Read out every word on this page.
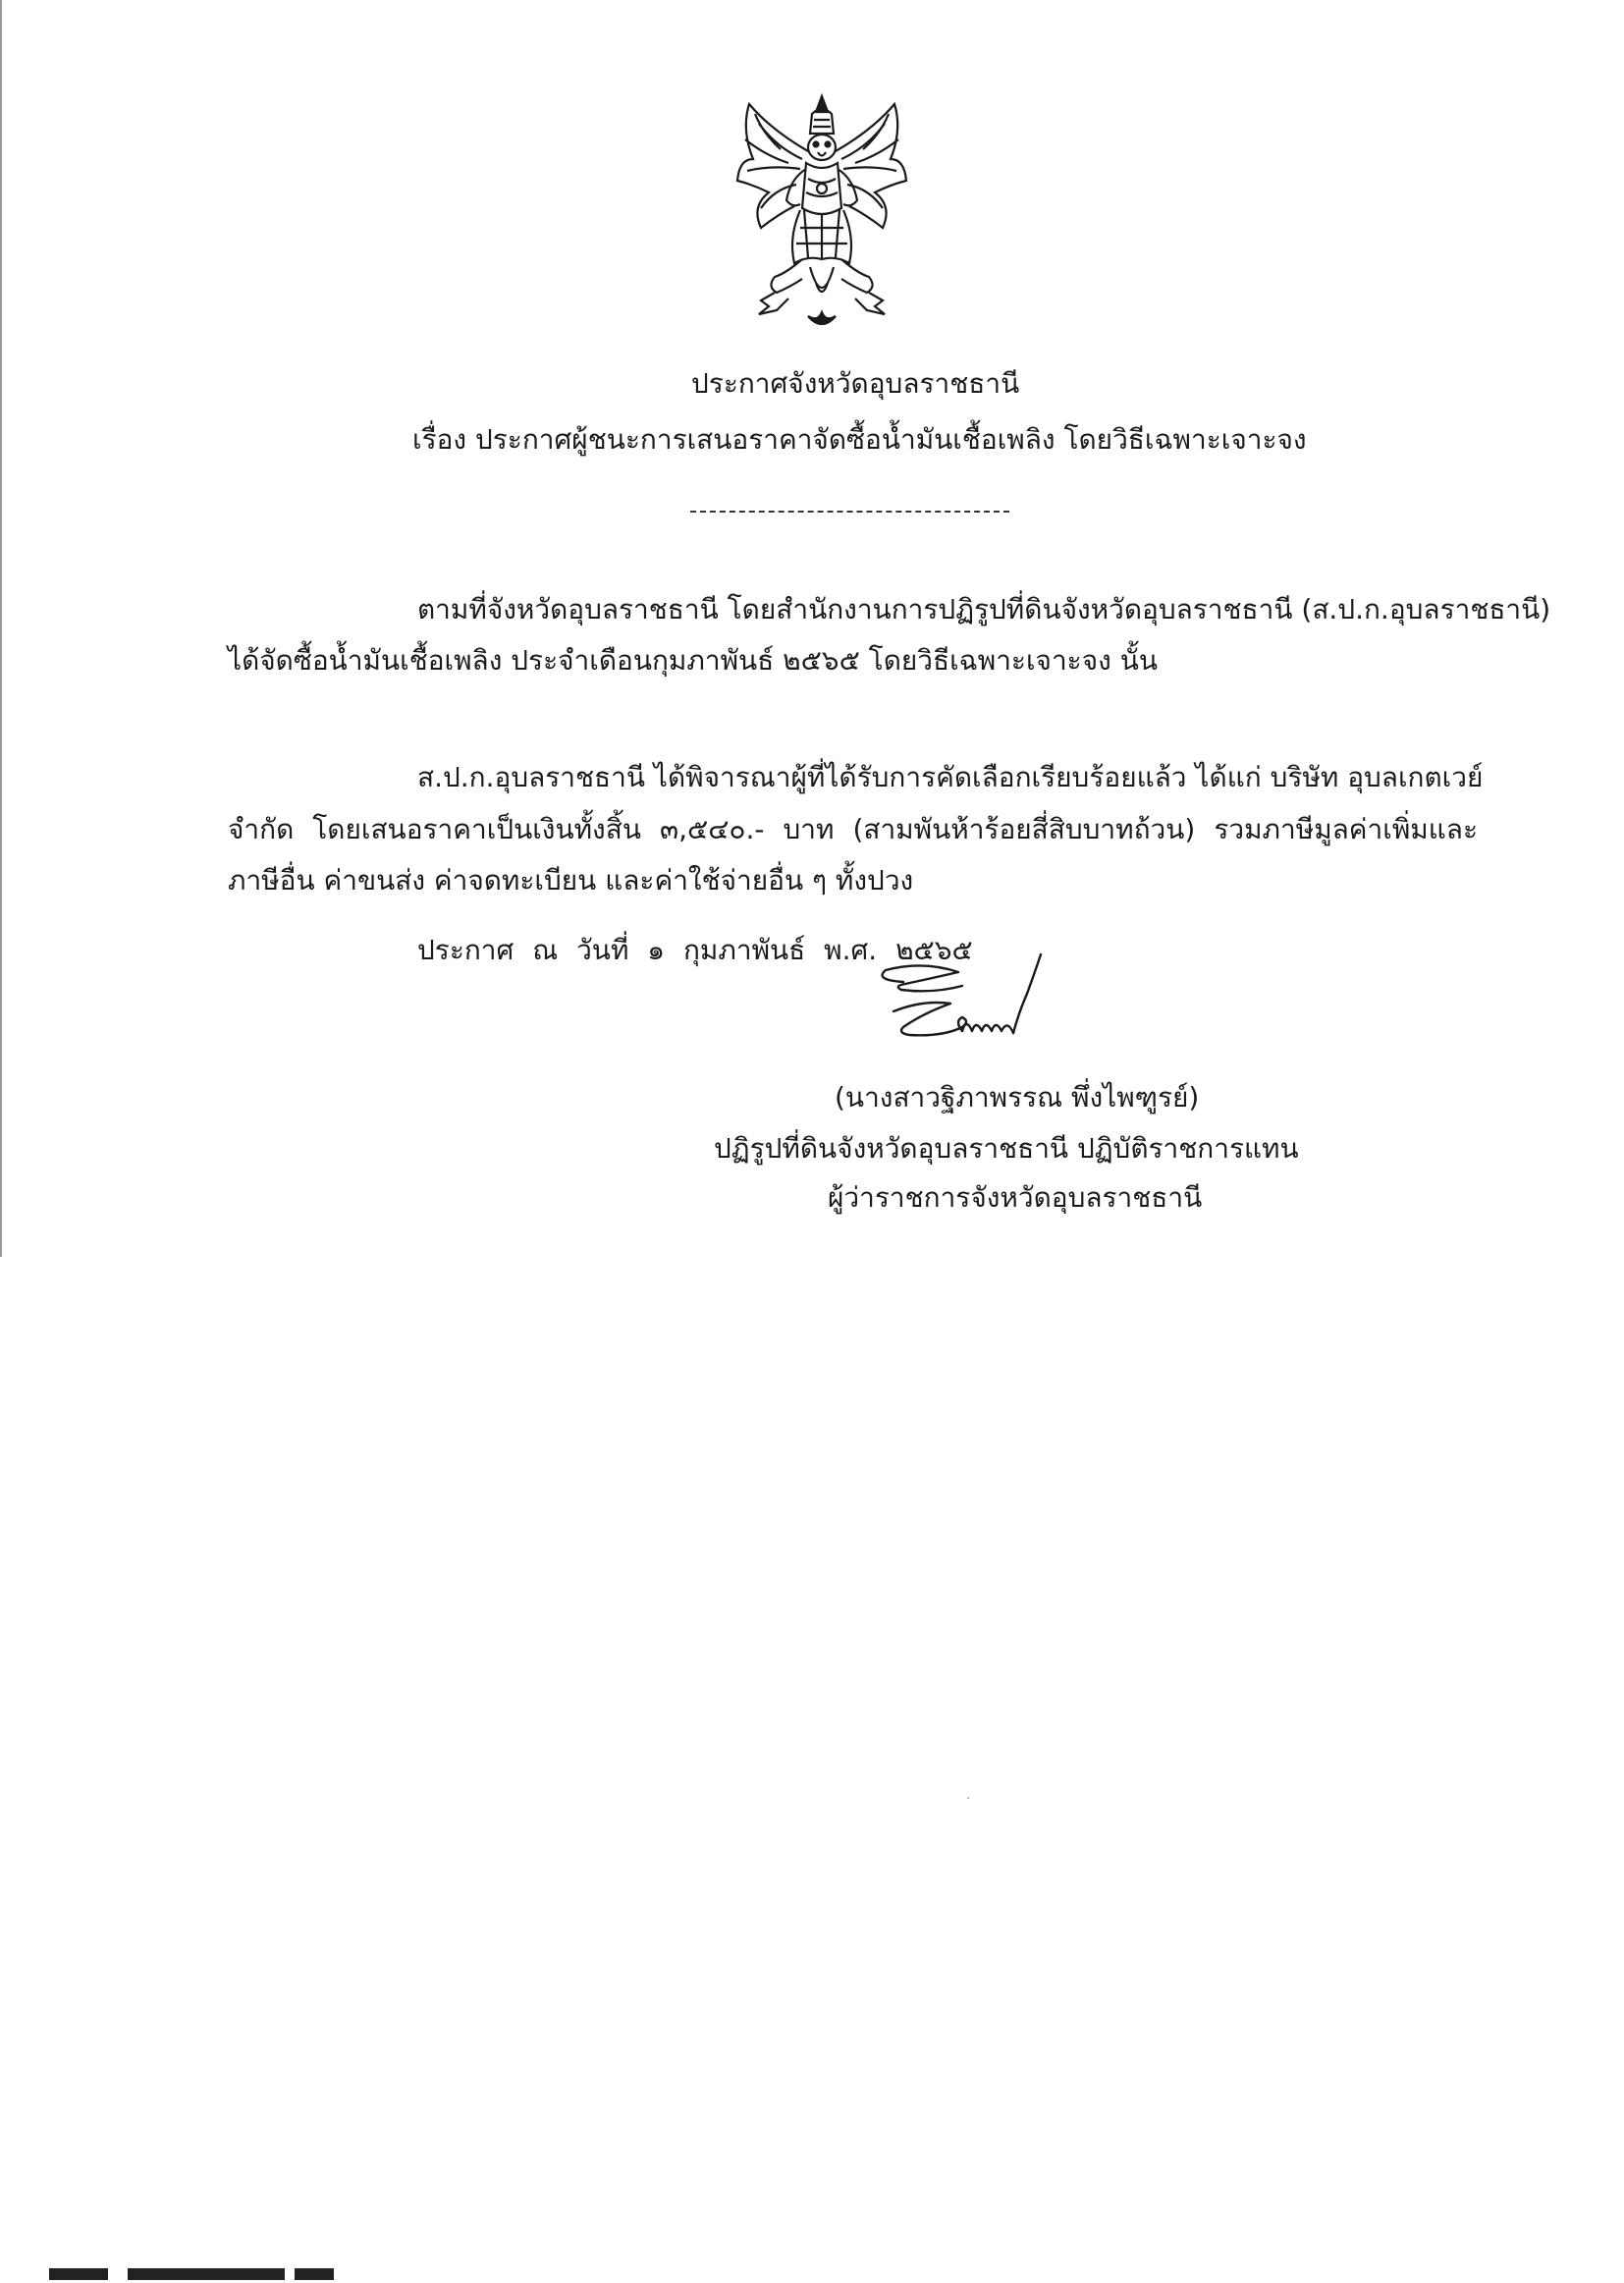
ประกาศจังหวัดอุบลราชธานี
เรื่อง ประกาศผู้ชนะการเสนอราคาจัดซื้อน้ำมันเชื้อเพลิง โดยวิธีเฉพาะเจาะจง
ตามที่จังหวัดอุบลราชธานี โดยสำนักงานการปฏิรูปที่ดินจังหวัดอุบลราชธานี (ส.ป.ก.อุบลราชธานี)
ได้จัดซื้อน้ำมันเชื้อเพลิง ประจำเดือนกุมภาพันธ์ ๒๕๖๕ โดยวิธีเฉพาะเจาะจง นั้น
ส.ป.ก.อุบลราชธานี ได้พิจารณาผู้ที่ได้รับการคัดเลือกเรียบร้อยแล้ว ได้แก่ บริษัท อุบลเกตเวย์
จำกัด โดยเสนอราคาเป็นเงินทั้งสิ้น ๓,๕๔๐.- บาท (สามพันห้าร้อยสี่สิบบาทถ้วน) รวมภาษีมูลค่าเพิ่มและ
ภาษีอื่น ค่าขนส่ง ค่าจดทะเบียน และค่าใช้จ่ายอื่น ๆ ทั้งปวง
ประกาศ ณ วันที่ ๑ กุมภาพันธ์ พ.ศ. ๒๕๖๕
(นางสาวฐิภาพรรณ พึ่งไพฑูรย์)
ปฏิรูปที่ดินจังหวัดอุบลราชธานี ปฏิบัติราชการแทน
ผู้ว่าราชการจังหวัดอุบลราชธานี
